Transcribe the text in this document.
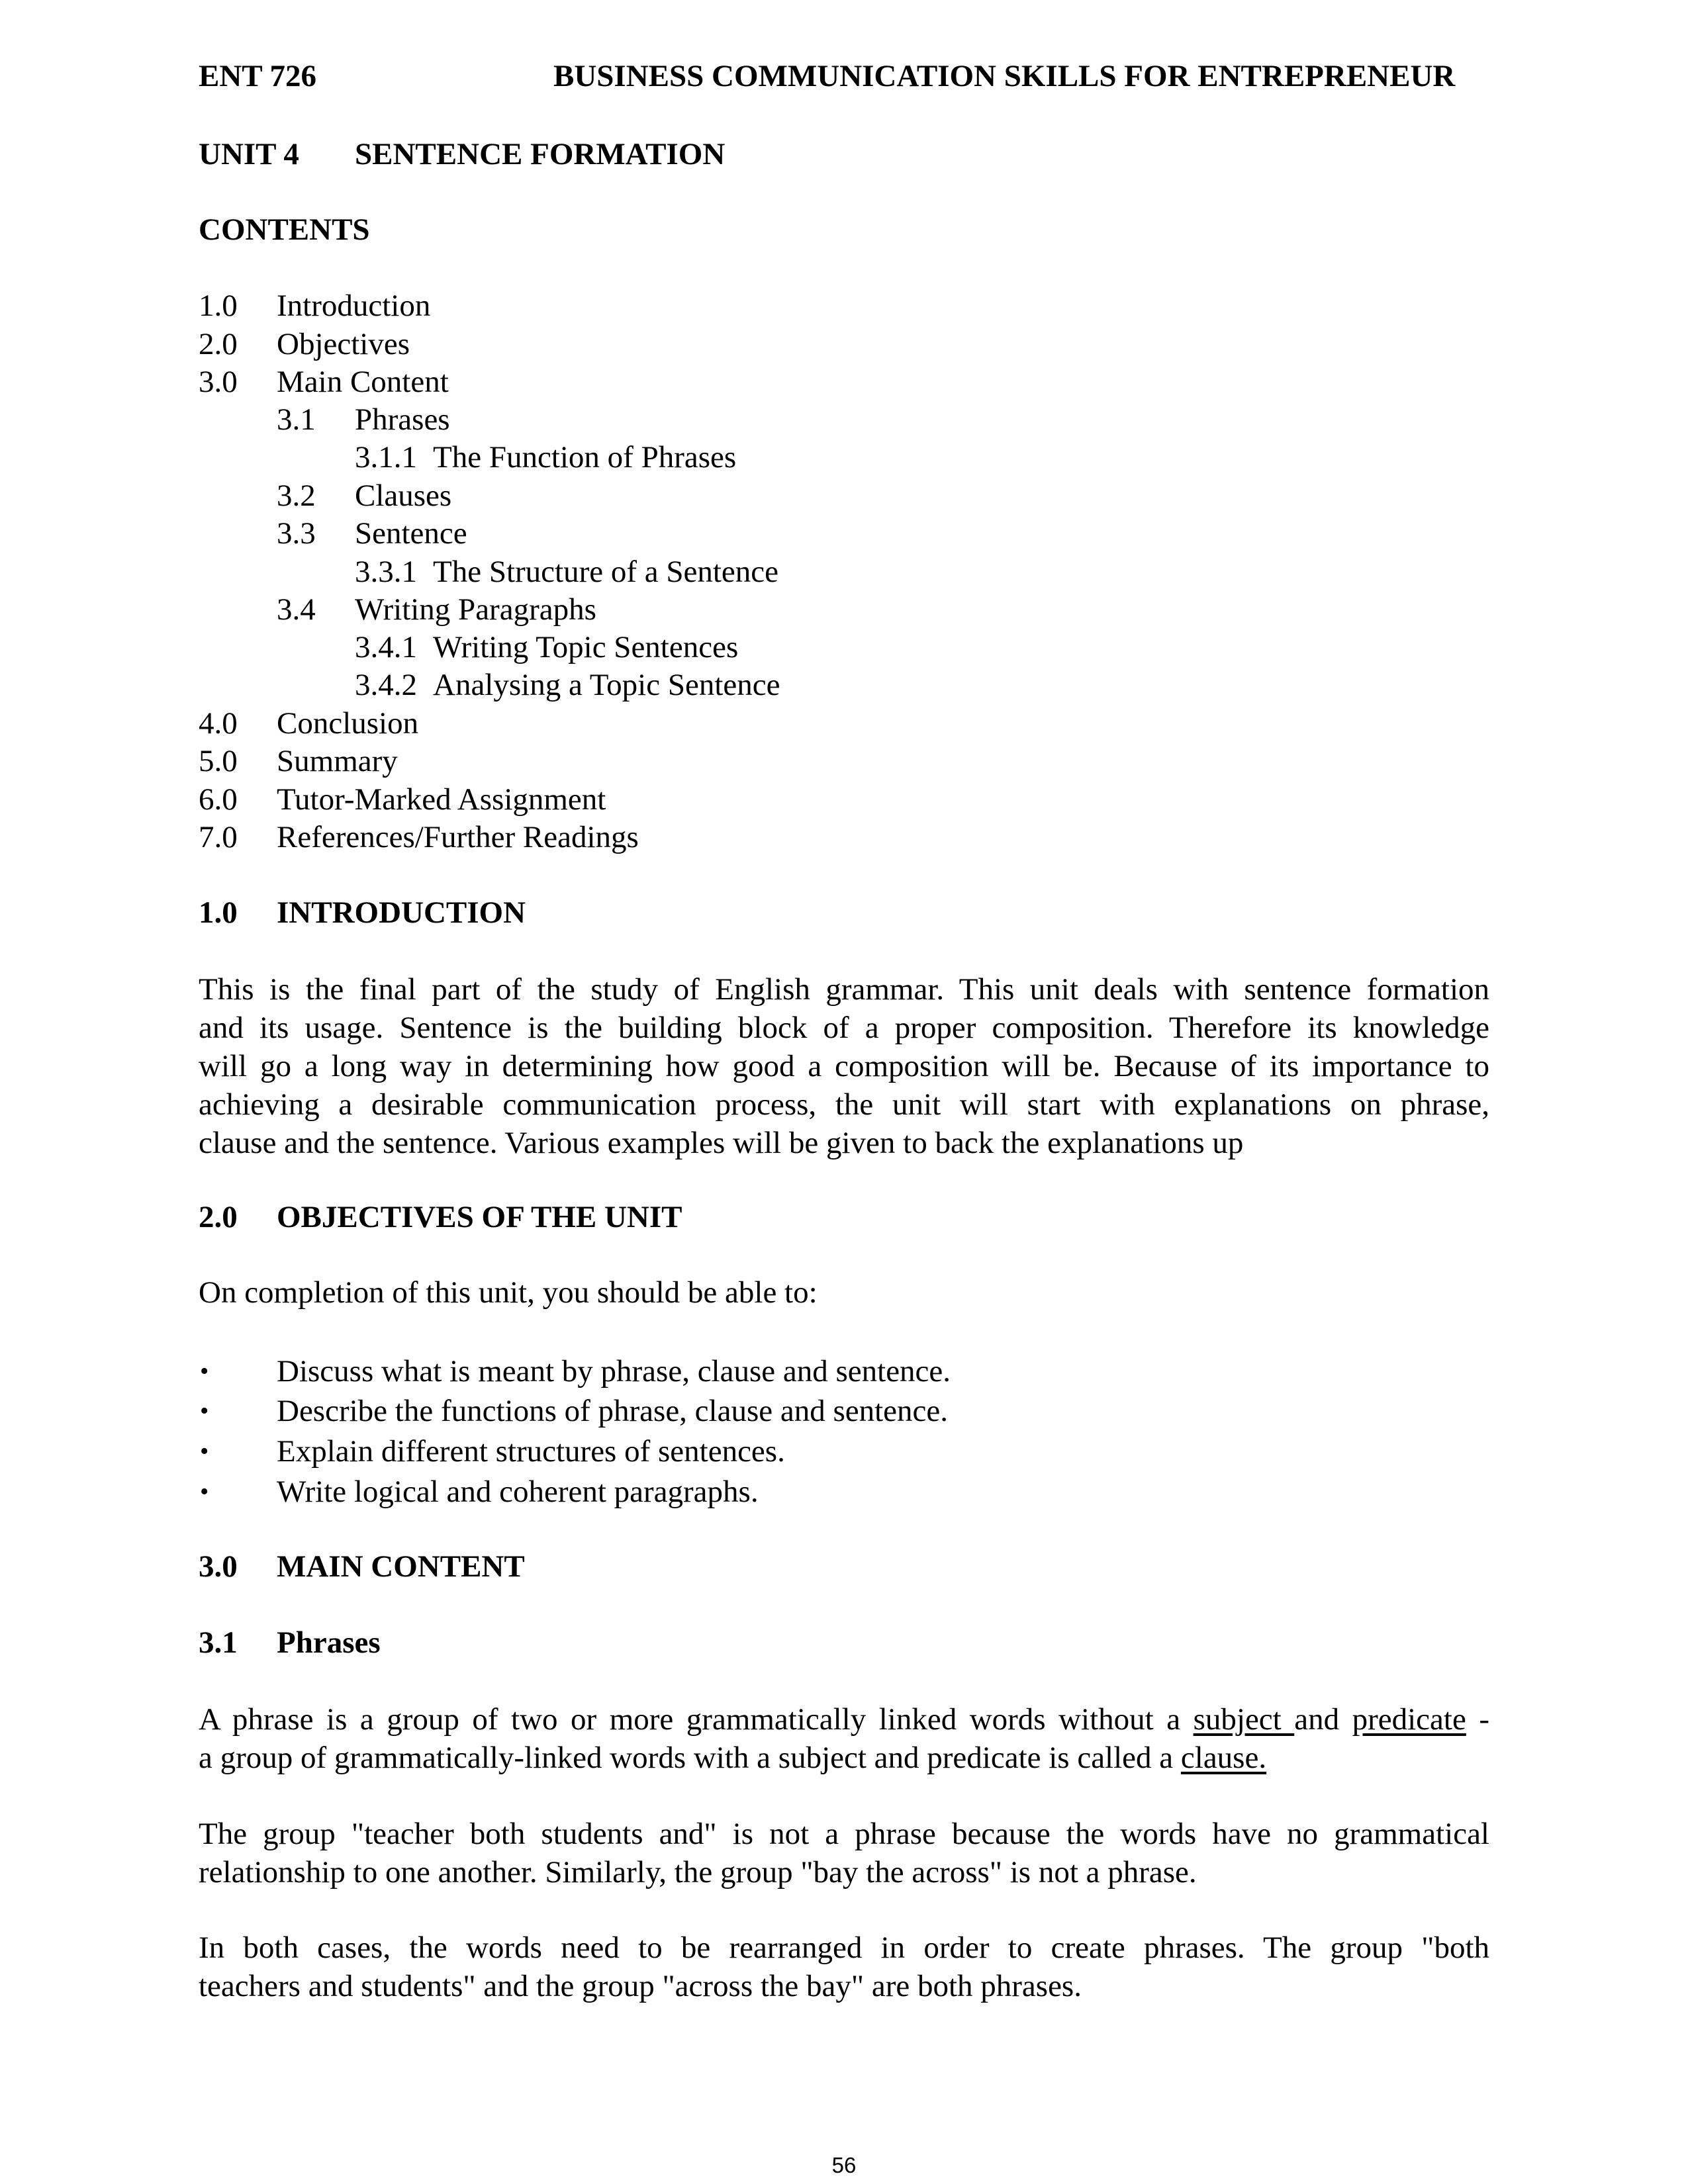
ENT 726	BUSINESS COMMUNICATION SKILLS FOR ENTREPRENEUR
UNIT 4 SENTENCE FORMATION
CONTENTS
1.0 Introduction
2.0 Objectives
3.0 Main Content
3.1 Phrases
3.1.1 The Function of Phrases
3.2 Clauses
3.3 Sentence
3.3.1 The Structure of a Sentence
3.4 Writing Paragraphs
3.4.1 Writing Topic Sentences
3.4.2 Analysing a Topic Sentence
4.0 Conclusion
5.0 Summary
6.0 Tutor-Marked Assignment
7.0 References/Further Readings
1.0 INTRODUCTION
This is the final part of the study of English grammar. This unit deals with sentence formation
and its usage. Sentence is the building block of a proper composition. Therefore its knowledge
will go a long way in determining how good a composition will be. Because of its importance to
achieving a desirable communication process, the unit will start with explanations on phrase,
clause and the sentence. Various examples will be given to back the explanations up
2.0 OBJECTIVES OF THE UNIT
On completion of this unit, you should be able to:
• Discuss what is meant by phrase, clause and sentence.
• Describe the functions of phrase, clause and sentence.
• Explain different structures of sentences.
• Write logical and coherent paragraphs.
3.0 MAIN CONTENT
3.1 Phrases
A phrase is a group of two or more grammatically linked words without a subject and predicate -
a group of grammatically-linked words with a subject and predicate is called a clause.
The group "teacher both students and" is not a phrase because the words have no grammatical
relationship to one another. Similarly, the group "bay the across" is not a phrase.
In both cases, the words need to be rearranged in order to create phrases. The group "both
teachers and students" and the group "across the bay" are both phrases.
56
